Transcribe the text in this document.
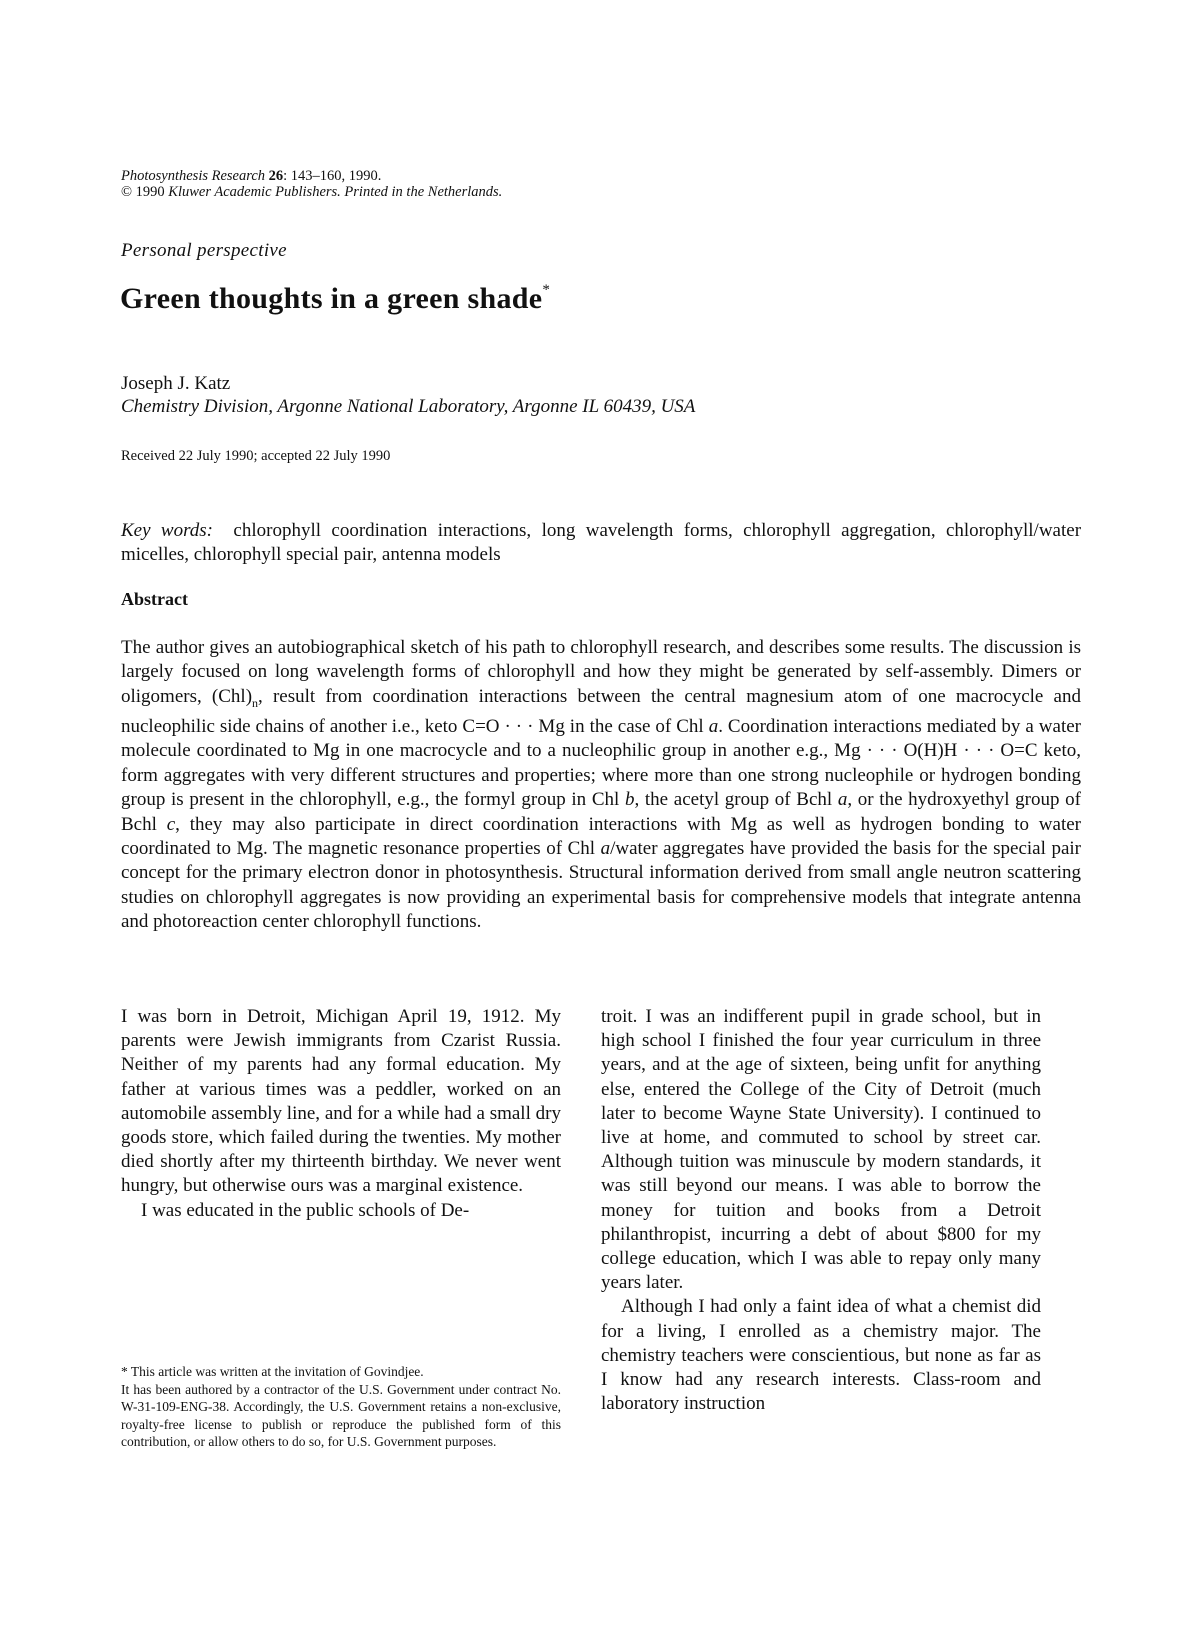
Photosynthesis Research 26: 143–160, 1990.
© 1990 Kluwer Academic Publishers. Printed in the Netherlands.
Personal perspective
Green thoughts in a green shade*
Joseph J. Katz
Chemistry Division, Argonne National Laboratory, Argonne IL 60439, USA
Received 22 July 1990; accepted 22 July 1990
Key words: chlorophyll coordination interactions, long wavelength forms, chlorophyll aggregation, chlorophyll/water micelles, chlorophyll special pair, antenna models
Abstract
The author gives an autobiographical sketch of his path to chlorophyll research, and describes some results. The discussion is largely focused on long wavelength forms of chlorophyll and how they might be generated by self-assembly. Dimers or oligomers, $(Chl)_n$, result from coordination interactions between the central magnesium atom of one macrocycle and nucleophilic side chains of another i.e., keto C=O · · · Mg in the case of Chl a. Coordination interactions mediated by a water molecule coordinated to Mg in one macrocycle and to a nucleophilic group in another e.g., Mg · · · O(H)H · · · O=C keto, form aggregates with very different structures and properties; where more than one strong nucleophile or hydrogen bonding group is present in the chlorophyll, e.g., the formyl group in Chl b, the acetyl group of Bchl a, or the hydroxyethyl group of Bchl c, they may also participate in direct coordination interactions with Mg as well as hydrogen bonding to water coordinated to Mg. The magnetic resonance properties of Chl a/water aggregates have provided the basis for the special pair concept for the primary electron donor in photosynthesis. Structural information derived from small angle neutron scattering studies on chlorophyll aggregates is now providing an experimental basis for comprehensive models that integrate antenna and photoreaction center chlorophyll functions.

I was born in Detroit, Michigan April 19, 1912. My parents were Jewish immigrants from Czarist Russia. Neither of my parents had any formal education. My father at various times was a peddler, worked on an automobile assembly line, and for a while had a small dry goods store, which failed during the twenties. My mother died shortly after my thirteenth birthday. We never went hungry, but otherwise ours was a marginal existence.

I was educated in the public schools of De-

troit. I was an indifferent pupil in grade school, but in high school I finished the four year curriculum in three years, and at the age of sixteen, being unfit for anything else, entered the College of the City of Detroit (much later to become Wayne State University). I continued to live at home, and commuted to school by street car. Although tuition was minuscule by modern standards, it was still beyond our means. I was able to borrow the money for tuition and books from a Detroit philanthropist, incurring a debt of about $800 for my college education, which I was able to repay only many years later.

Although I had only a faint idea of what a chemist did for a living, I enrolled as a chemistry major. The chemistry teachers were conscientious, but none as far as I know had any research interests. Class-room and laboratory instruction

* This article was written at the invitation of Govindjee.

It has been authored by a contractor of the U.S. Government under contract No. W-31-109-ENG-38. Accordingly, the U.S. Government retains a non-exclusive, royalty-free license to publish or reproduce the published form of this contribution, or allow others to do so, for U.S. Government purposes.
